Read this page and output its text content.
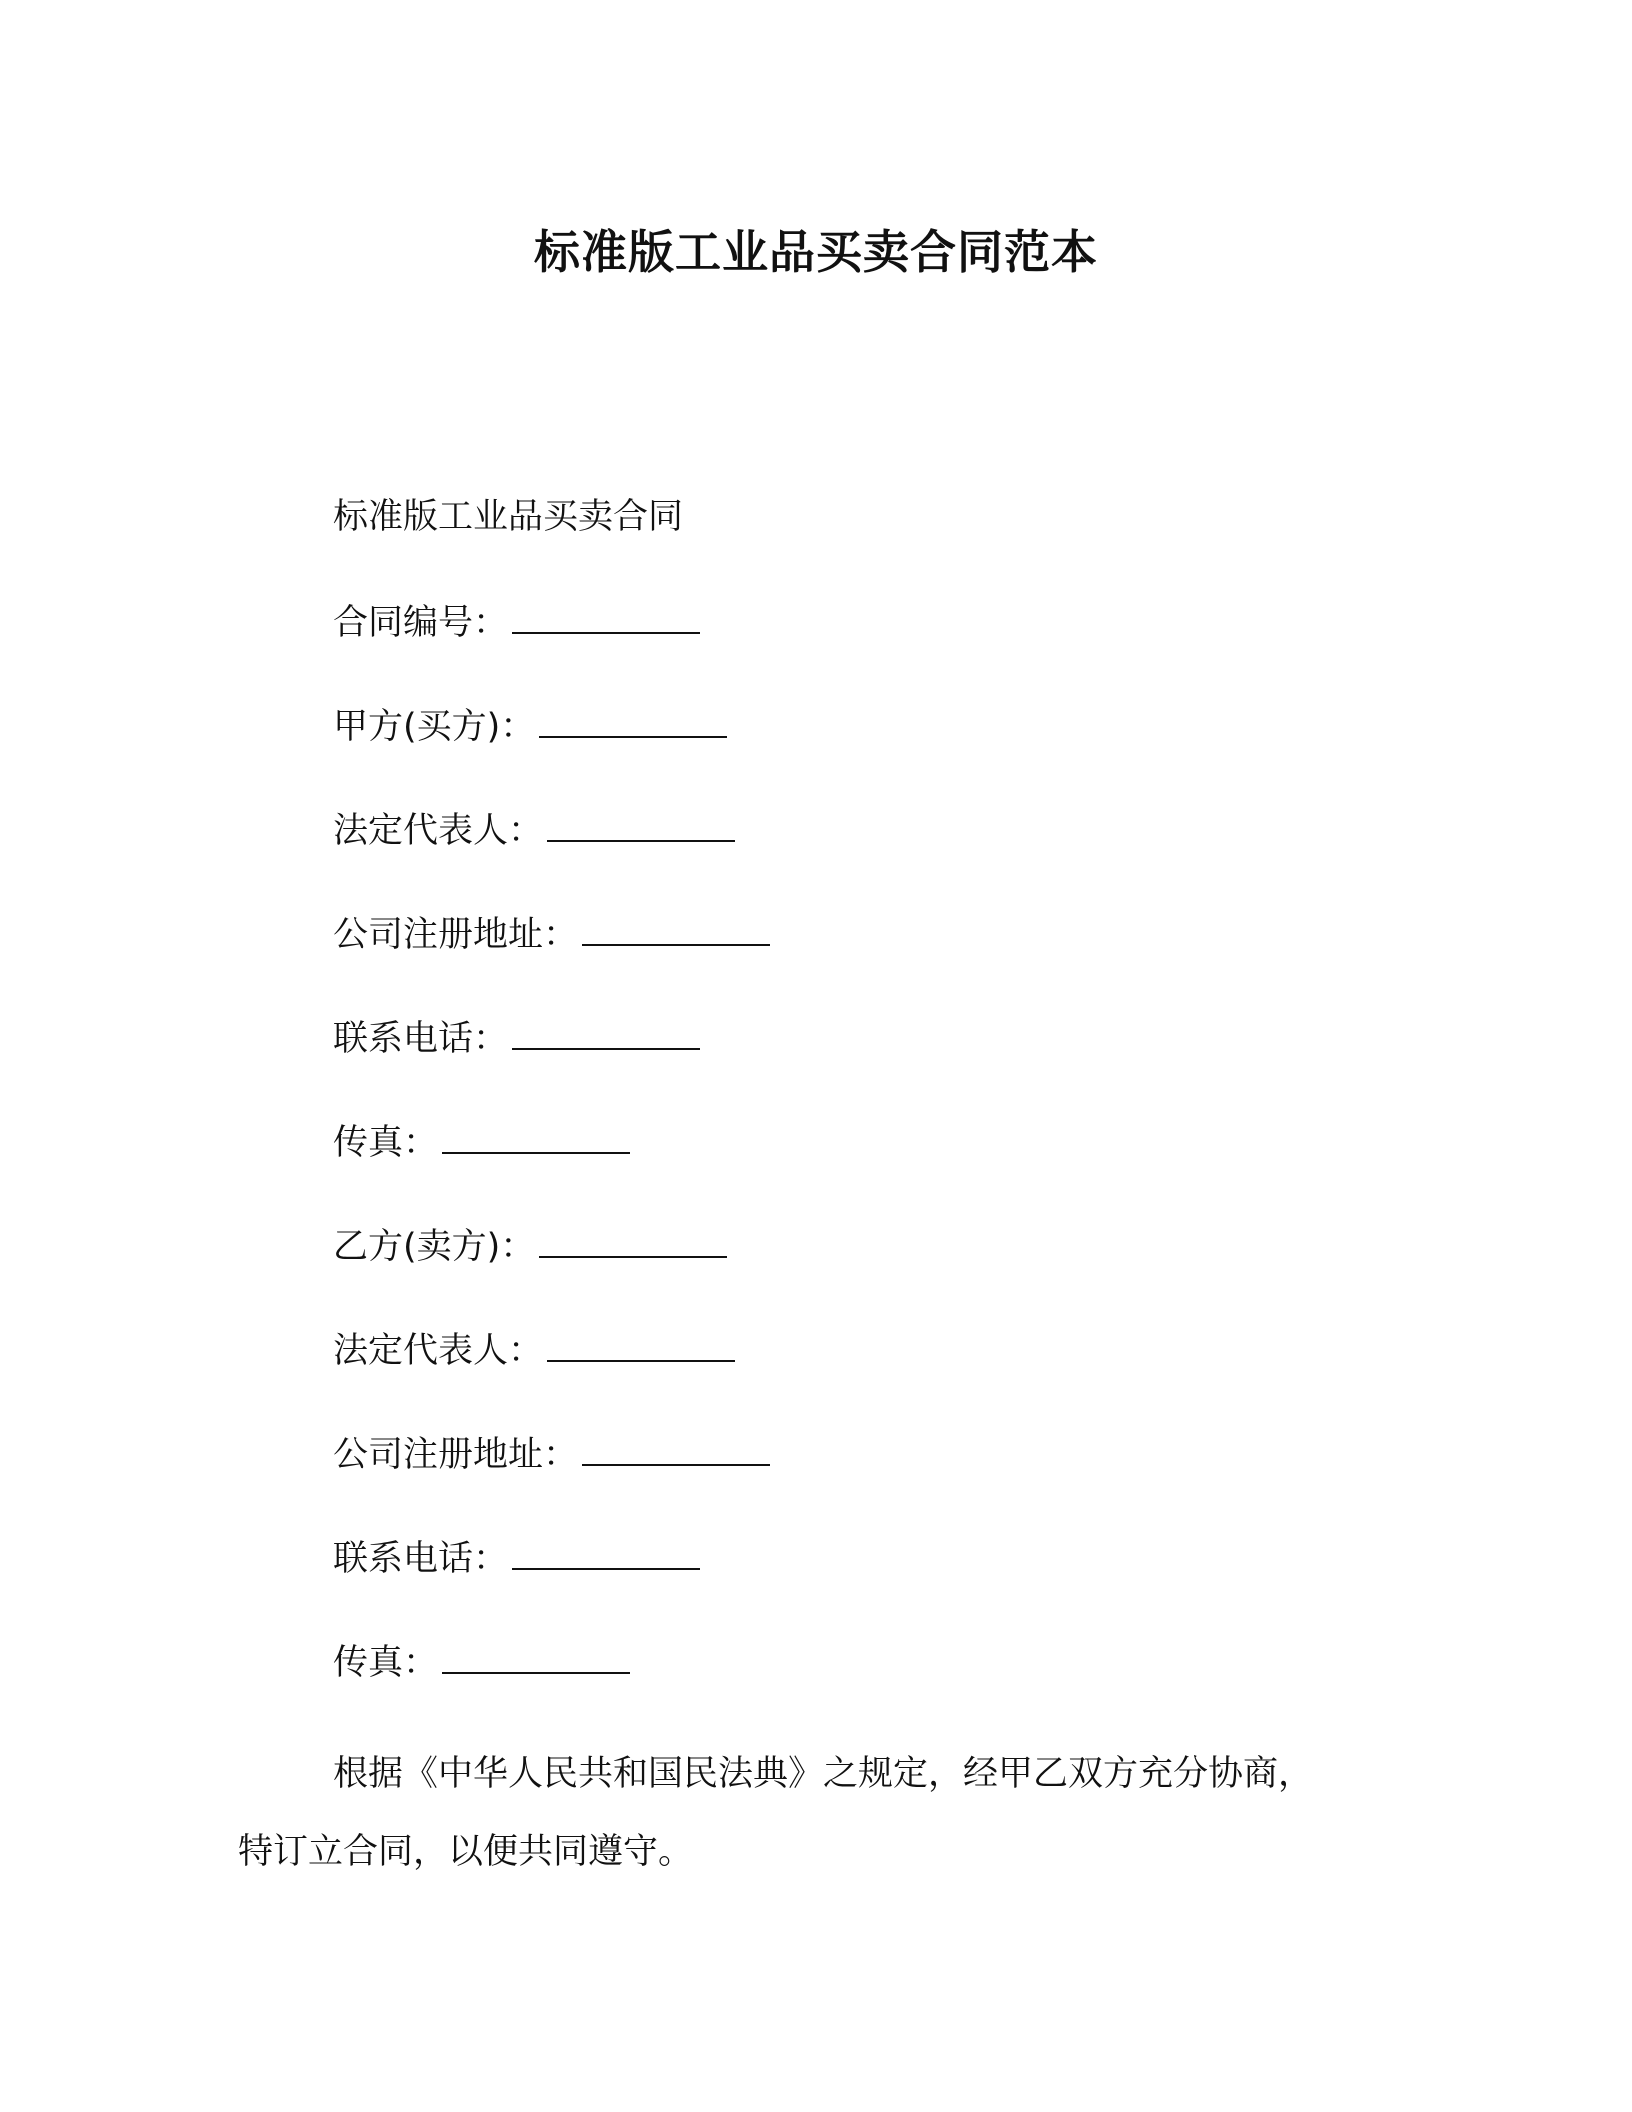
标准版工业品买卖合同范本
标准版工业品买卖合同
合同编号：
甲方(买方)：
法定代表人：
公司注册地址：
联系电话：
传真：
乙方(卖方)：
法定代表人：
公司注册地址：
联系电话：
传真：
根据《中华人民共和国民法典》之规定，经甲乙双方充分协商，
特订立合同，以便共同遵守。
